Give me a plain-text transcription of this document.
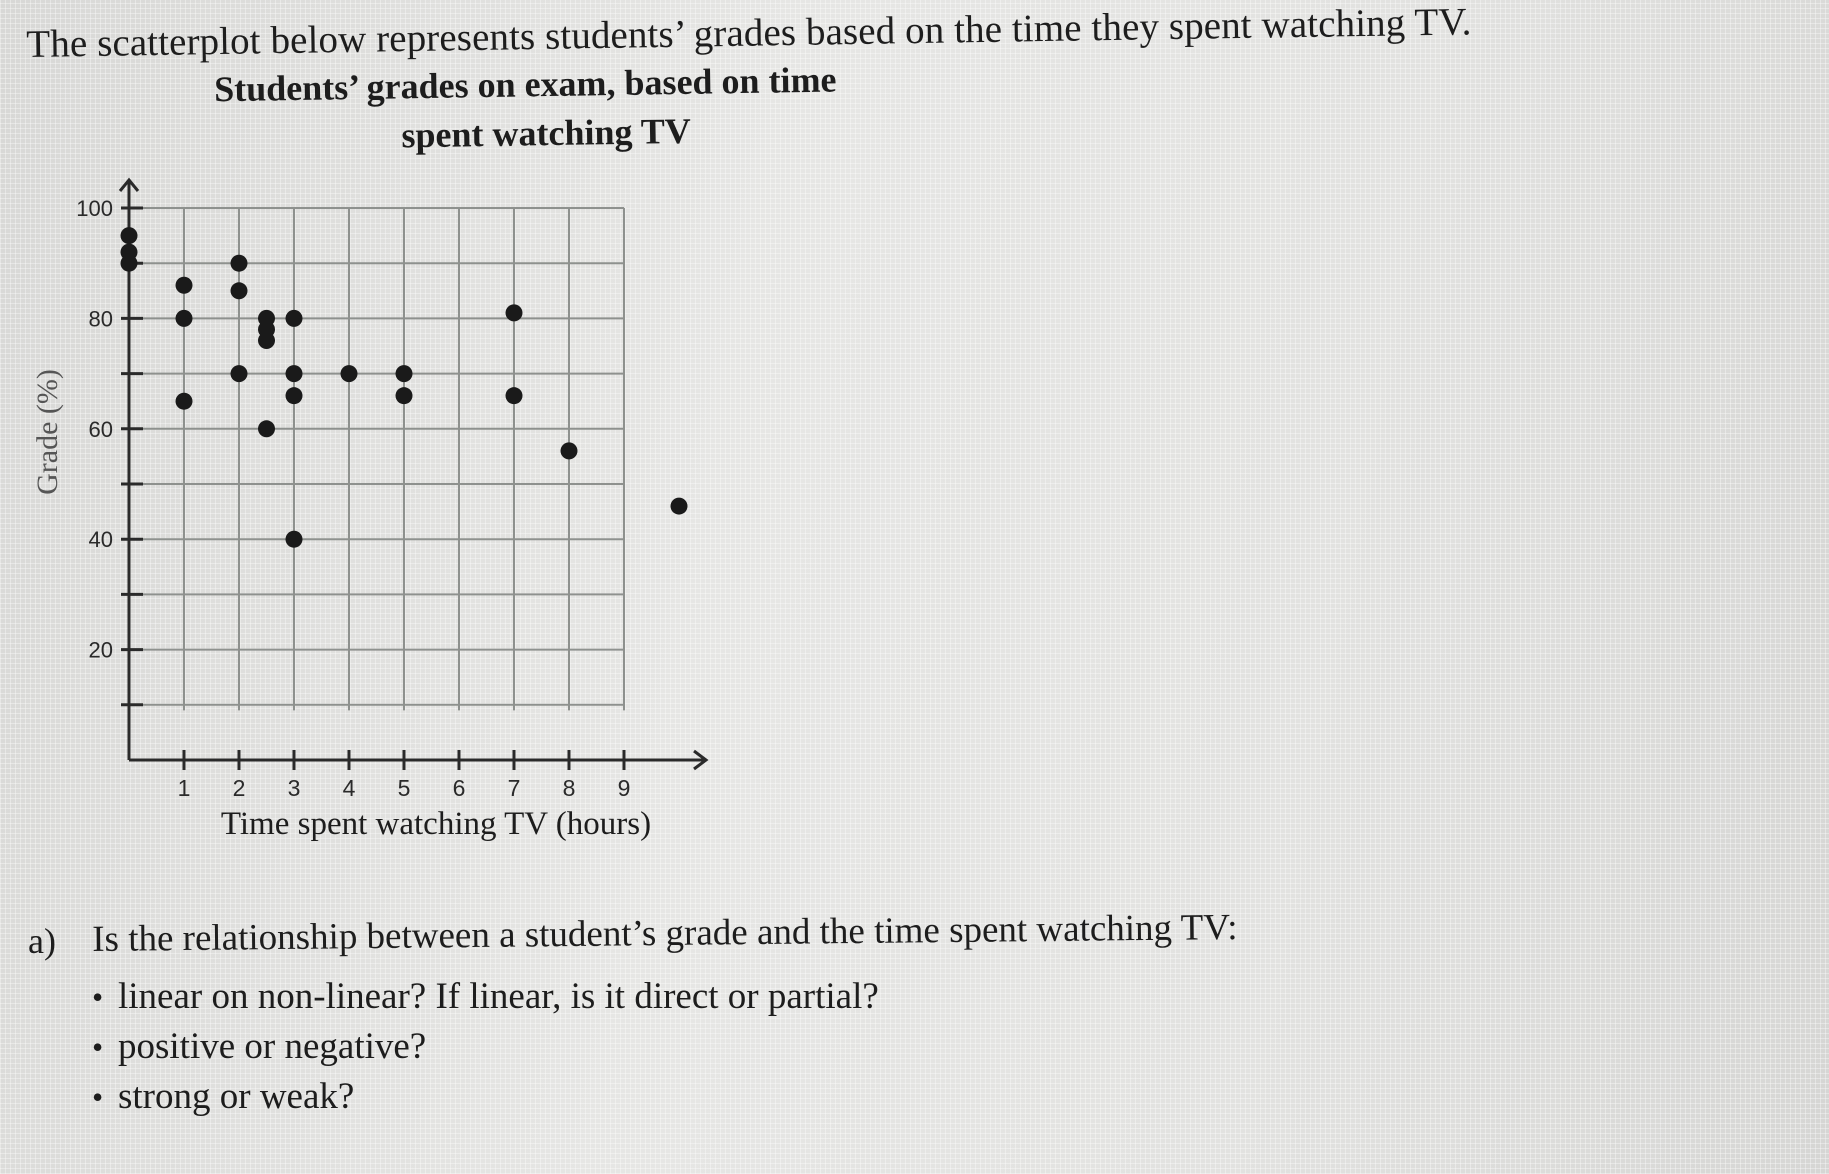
The scatterplot below represents students’ grades based on the time they spent watching TV.
Students’ grades on exam, based on time
spent watching TV
20
40
60
80
100
1 2 3 4 5 6 7 8 9
Time spent watching TV (hours)
Grade (%)
a) Is the relationship between a student’s grade and the time spent watching TV:
• linear on non-linear? If linear, is it direct or partial?
• positive or negative?
• strong or weak?
